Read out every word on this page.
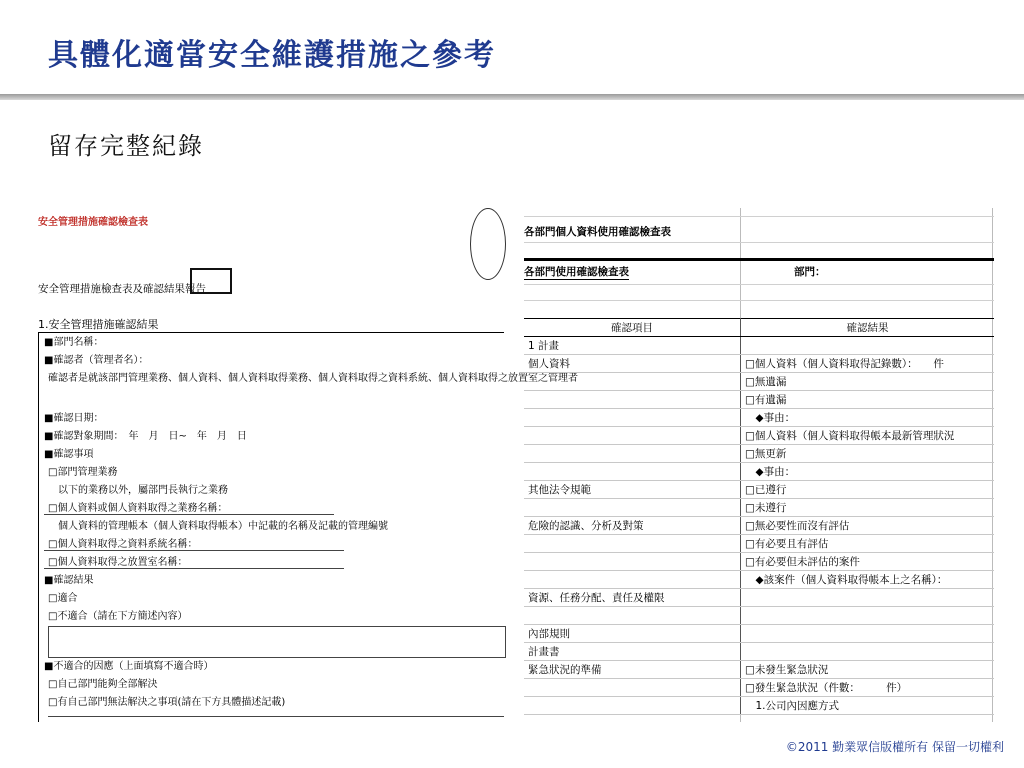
具體化適當安全維護措施之參考
留存完整紀錄
安全管理措施確認檢查表
安全管理措施檢查表及確認結果報告
1.安全管理措施確認結果
■部門名稱：
■確認者（管理者名）：
確認者是就該部門管理業務、個人資料、個人資料取得業務、個人資料取得之資料系統、個人資料取得之放置室之管理者
■確認日期：
■確認對象期間：　年　月　日~　年　月　日
■確認事項
□部門管理業務
以下的業務以外，屬部門長執行之業務
□個人資料或個人資料取得之業務名稱：
個人資料的管理帳本（個人資料取得帳本）中記載的名稱及記載的管理編號
□個人資料取得之資料系統名稱：
□個人資料取得之放置室名稱：
■確認結果
□適合
□不適合（請在下方簡述內容）
■不適合的因應（上面填寫不適合時）
□自己部門能夠全部解決
□有自己部門無法解決之事項(請在下方具體描述記載)
各部門個人資料使用確認檢查表
各部門使用確認檢查表	部門：
確認項目	確認結果
1 計畫	
個人資料	□個人資料（個人資料取得記錄數）：　　件
	□無遺漏
	□有遺漏
	　◆事由：
	□個人資料（個人資料取得帳本最新管理狀況
	□無更新
	　◆事由：
其他法令規範	□已遵行
	□未遵行
危險的認識、分析及對策	□無必要性而沒有評估
	□有必要且有評估
	□有必要但未評估的案件
	　◆該案件（個人資料取得帳本上之名稱）：
資源、任務分配、責任及權限	

內部規則	
計畫書	
緊急狀況的準備	□未發生緊急狀況
	□發生緊急狀況（件數：　　　件）
	　1.公司內因應方式
©2011 勤業眾信版權所有 保留一切權利
